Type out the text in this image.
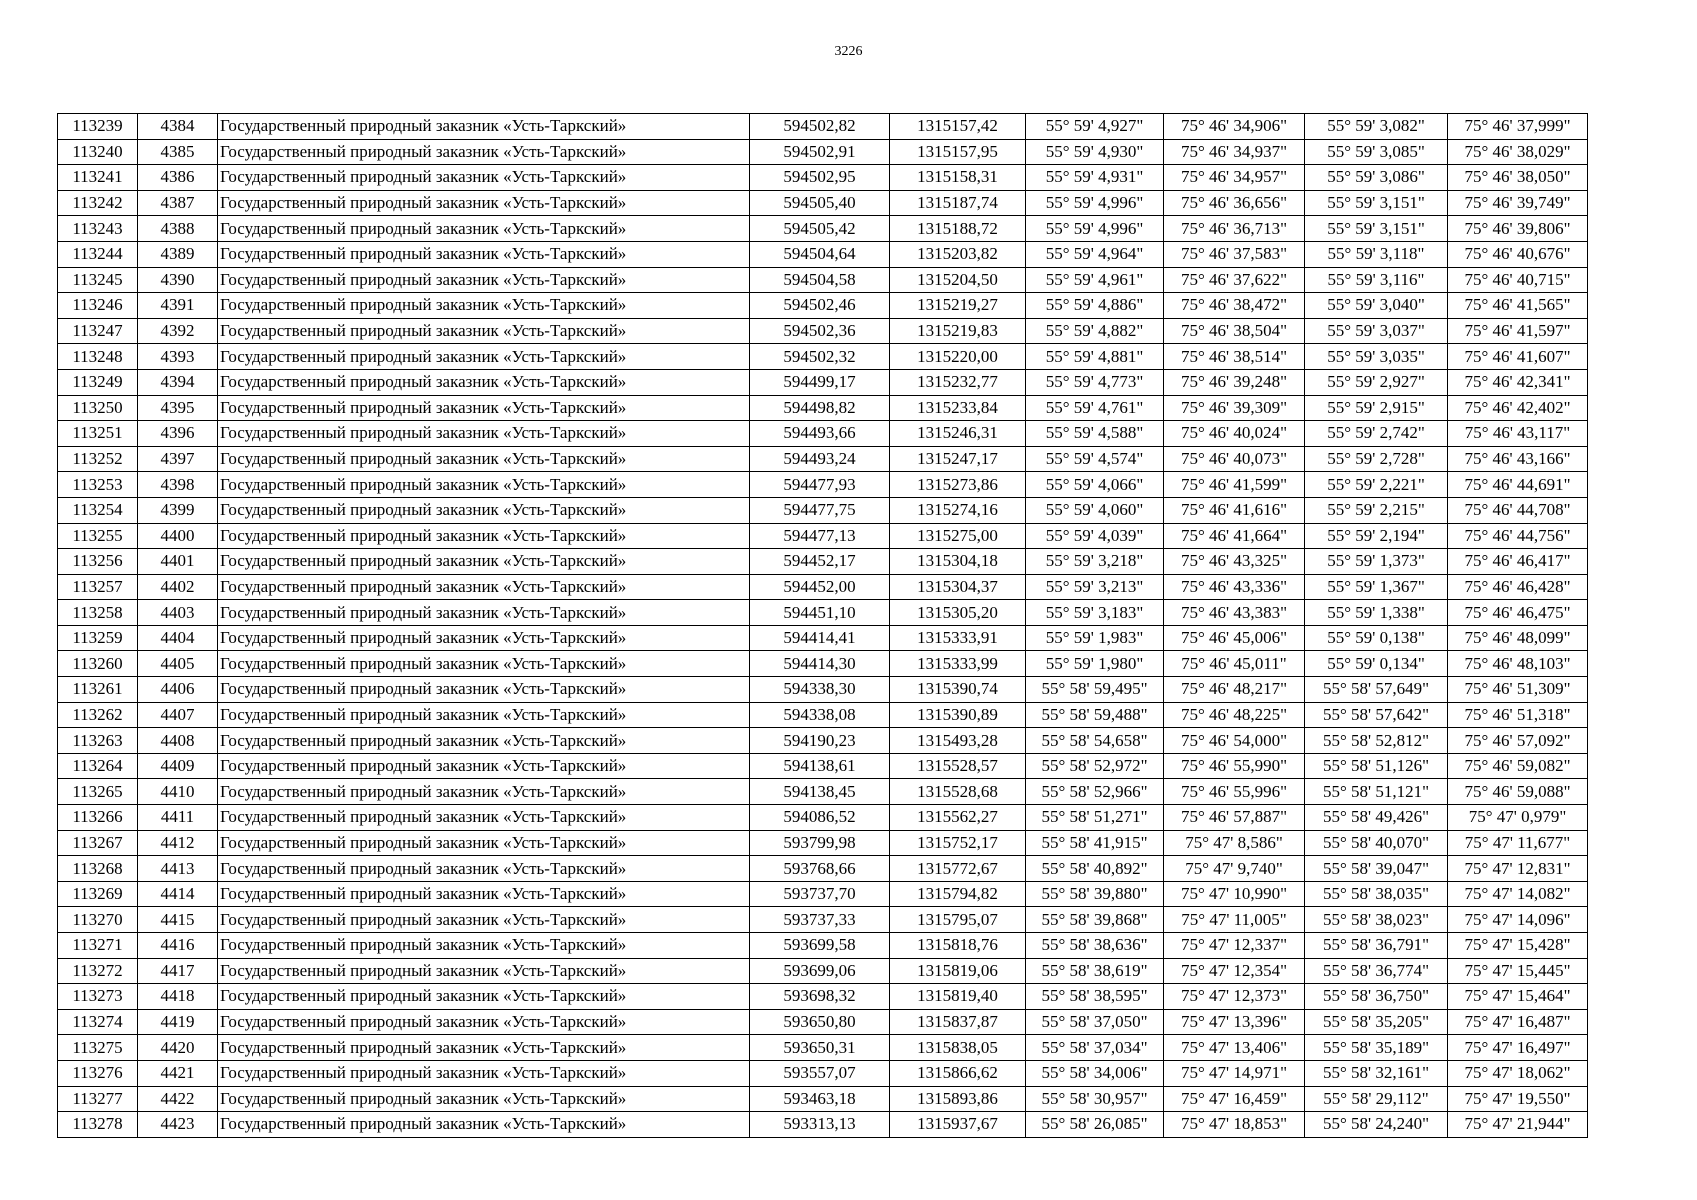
3226
113239	4384	Государственный природный заказник «Усть-Таркский»	594502,82	1315157,42	55° 59' 4,927"	75° 46' 34,906"	55° 59' 3,082"	75° 46' 37,999"
113240	4385	Государственный природный заказник «Усть-Таркский»	594502,91	1315157,95	55° 59' 4,930"	75° 46' 34,937"	55° 59' 3,085"	75° 46' 38,029"
113241	4386	Государственный природный заказник «Усть-Таркский»	594502,95	1315158,31	55° 59' 4,931"	75° 46' 34,957"	55° 59' 3,086"	75° 46' 38,050"
113242	4387	Государственный природный заказник «Усть-Таркский»	594505,40	1315187,74	55° 59' 4,996"	75° 46' 36,656"	55° 59' 3,151"	75° 46' 39,749"
113243	4388	Государственный природный заказник «Усть-Таркский»	594505,42	1315188,72	55° 59' 4,996"	75° 46' 36,713"	55° 59' 3,151"	75° 46' 39,806"
113244	4389	Государственный природный заказник «Усть-Таркский»	594504,64	1315203,82	55° 59' 4,964"	75° 46' 37,583"	55° 59' 3,118"	75° 46' 40,676"
113245	4390	Государственный природный заказник «Усть-Таркский»	594504,58	1315204,50	55° 59' 4,961"	75° 46' 37,622"	55° 59' 3,116"	75° 46' 40,715"
113246	4391	Государственный природный заказник «Усть-Таркский»	594502,46	1315219,27	55° 59' 4,886"	75° 46' 38,472"	55° 59' 3,040"	75° 46' 41,565"
113247	4392	Государственный природный заказник «Усть-Таркский»	594502,36	1315219,83	55° 59' 4,882"	75° 46' 38,504"	55° 59' 3,037"	75° 46' 41,597"
113248	4393	Государственный природный заказник «Усть-Таркский»	594502,32	1315220,00	55° 59' 4,881"	75° 46' 38,514"	55° 59' 3,035"	75° 46' 41,607"
113249	4394	Государственный природный заказник «Усть-Таркский»	594499,17	1315232,77	55° 59' 4,773"	75° 46' 39,248"	55° 59' 2,927"	75° 46' 42,341"
113250	4395	Государственный природный заказник «Усть-Таркский»	594498,82	1315233,84	55° 59' 4,761"	75° 46' 39,309"	55° 59' 2,915"	75° 46' 42,402"
113251	4396	Государственный природный заказник «Усть-Таркский»	594493,66	1315246,31	55° 59' 4,588"	75° 46' 40,024"	55° 59' 2,742"	75° 46' 43,117"
113252	4397	Государственный природный заказник «Усть-Таркский»	594493,24	1315247,17	55° 59' 4,574"	75° 46' 40,073"	55° 59' 2,728"	75° 46' 43,166"
113253	4398	Государственный природный заказник «Усть-Таркский»	594477,93	1315273,86	55° 59' 4,066"	75° 46' 41,599"	55° 59' 2,221"	75° 46' 44,691"
113254	4399	Государственный природный заказник «Усть-Таркский»	594477,75	1315274,16	55° 59' 4,060"	75° 46' 41,616"	55° 59' 2,215"	75° 46' 44,708"
113255	4400	Государственный природный заказник «Усть-Таркский»	594477,13	1315275,00	55° 59' 4,039"	75° 46' 41,664"	55° 59' 2,194"	75° 46' 44,756"
113256	4401	Государственный природный заказник «Усть-Таркский»	594452,17	1315304,18	55° 59' 3,218"	75° 46' 43,325"	55° 59' 1,373"	75° 46' 46,417"
113257	4402	Государственный природный заказник «Усть-Таркский»	594452,00	1315304,37	55° 59' 3,213"	75° 46' 43,336"	55° 59' 1,367"	75° 46' 46,428"
113258	4403	Государственный природный заказник «Усть-Таркский»	594451,10	1315305,20	55° 59' 3,183"	75° 46' 43,383"	55° 59' 1,338"	75° 46' 46,475"
113259	4404	Государственный природный заказник «Усть-Таркский»	594414,41	1315333,91	55° 59' 1,983"	75° 46' 45,006"	55° 59' 0,138"	75° 46' 48,099"
113260	4405	Государственный природный заказник «Усть-Таркский»	594414,30	1315333,99	55° 59' 1,980"	75° 46' 45,011"	55° 59' 0,134"	75° 46' 48,103"
113261	4406	Государственный природный заказник «Усть-Таркский»	594338,30	1315390,74	55° 58' 59,495"	75° 46' 48,217"	55° 58' 57,649"	75° 46' 51,309"
113262	4407	Государственный природный заказник «Усть-Таркский»	594338,08	1315390,89	55° 58' 59,488"	75° 46' 48,225"	55° 58' 57,642"	75° 46' 51,318"
113263	4408	Государственный природный заказник «Усть-Таркский»	594190,23	1315493,28	55° 58' 54,658"	75° 46' 54,000"	55° 58' 52,812"	75° 46' 57,092"
113264	4409	Государственный природный заказник «Усть-Таркский»	594138,61	1315528,57	55° 58' 52,972"	75° 46' 55,990"	55° 58' 51,126"	75° 46' 59,082"
113265	4410	Государственный природный заказник «Усть-Таркский»	594138,45	1315528,68	55° 58' 52,966"	75° 46' 55,996"	55° 58' 51,121"	75° 46' 59,088"
113266	4411	Государственный природный заказник «Усть-Таркский»	594086,52	1315562,27	55° 58' 51,271"	75° 46' 57,887"	55° 58' 49,426"	75° 47' 0,979"
113267	4412	Государственный природный заказник «Усть-Таркский»	593799,98	1315752,17	55° 58' 41,915"	75° 47' 8,586"	55° 58' 40,070"	75° 47' 11,677"
113268	4413	Государственный природный заказник «Усть-Таркский»	593768,66	1315772,67	55° 58' 40,892"	75° 47' 9,740"	55° 58' 39,047"	75° 47' 12,831"
113269	4414	Государственный природный заказник «Усть-Таркский»	593737,70	1315794,82	55° 58' 39,880"	75° 47' 10,990"	55° 58' 38,035"	75° 47' 14,082"
113270	4415	Государственный природный заказник «Усть-Таркский»	593737,33	1315795,07	55° 58' 39,868"	75° 47' 11,005"	55° 58' 38,023"	75° 47' 14,096"
113271	4416	Государственный природный заказник «Усть-Таркский»	593699,58	1315818,76	55° 58' 38,636"	75° 47' 12,337"	55° 58' 36,791"	75° 47' 15,428"
113272	4417	Государственный природный заказник «Усть-Таркский»	593699,06	1315819,06	55° 58' 38,619"	75° 47' 12,354"	55° 58' 36,774"	75° 47' 15,445"
113273	4418	Государственный природный заказник «Усть-Таркский»	593698,32	1315819,40	55° 58' 38,595"	75° 47' 12,373"	55° 58' 36,750"	75° 47' 15,464"
113274	4419	Государственный природный заказник «Усть-Таркский»	593650,80	1315837,87	55° 58' 37,050"	75° 47' 13,396"	55° 58' 35,205"	75° 47' 16,487"
113275	4420	Государственный природный заказник «Усть-Таркский»	593650,31	1315838,05	55° 58' 37,034"	75° 47' 13,406"	55° 58' 35,189"	75° 47' 16,497"
113276	4421	Государственный природный заказник «Усть-Таркский»	593557,07	1315866,62	55° 58' 34,006"	75° 47' 14,971"	55° 58' 32,161"	75° 47' 18,062"
113277	4422	Государственный природный заказник «Усть-Таркский»	593463,18	1315893,86	55° 58' 30,957"	75° 47' 16,459"	55° 58' 29,112"	75° 47' 19,550"
113278	4423	Государственный природный заказник «Усть-Таркский»	593313,13	1315937,67	55° 58' 26,085"	75° 47' 18,853"	55° 58' 24,240"	75° 47' 21,944"
